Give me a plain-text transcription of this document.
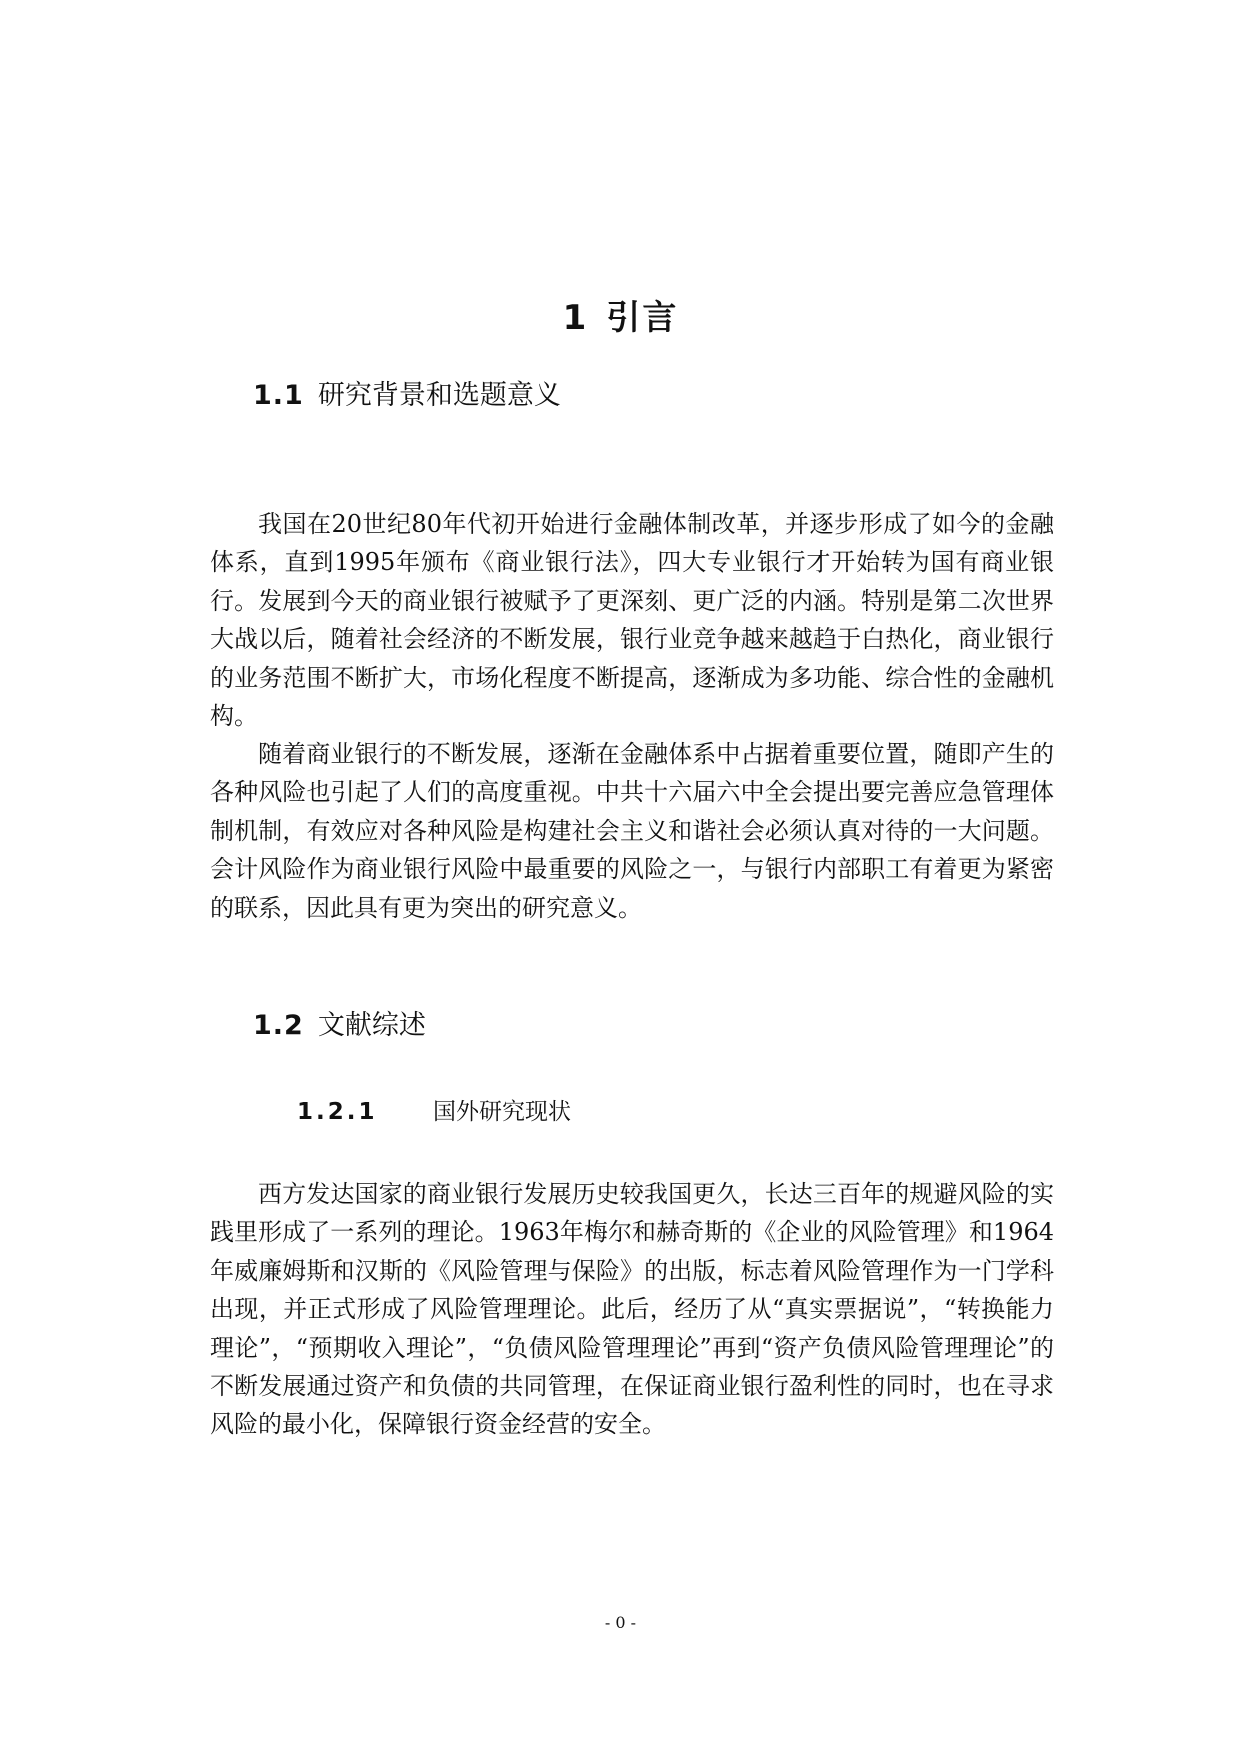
1 引言
1.1 研究背景和选题意义

我国在20世纪80年代初开始进行金融体制改革，并逐步形成了如今的金融体系，直到1995年颁布《商业银行法》，四大专业银行才开始转为国有商业银行。发展到今天的商业银行被赋予了更深刻、更广泛的内涵。特别是第二次世界大战以后，随着社会经济的不断发展，银行业竞争越来越趋于白热化，商业银行的业务范围不断扩大，市场化程度不断提高，逐渐成为多功能、综合性的金融机构。

随着商业银行的不断发展，逐渐在金融体系中占据着重要位置，随即产生的各种风险也引起了人们的高度重视。中共十六届六中全会提出要完善应急管理体制机制，有效应对各种风险是构建社会主义和谐社会必须认真对待的一大问题。会计风险作为商业银行风险中最重要的风险之一，与银行内部职工有着更为紧密的联系，因此具有更为突出的研究意义。

1.2 文献综述
1.2.1 国外研究现状

西方发达国家的商业银行发展历史较我国更久，长达三百年的规避风险的实践里形成了一系列的理论。1963年梅尔和赫奇斯的《企业的风险管理》和1964年威廉姆斯和汉斯的《风险管理与保险》的出版，标志着风险管理作为一门学科出现，并正式形成了风险管理理论。此后，经历了从“真实票据说”，“转换能力理论”，“预期收入理论”，“负债风险管理理论”再到“资产负债风险管理理论”的不断发展通过资产和负债的共同管理，在保证商业银行盈利性的同时，也在寻求风险的最小化，保障银行资金经营的安全。

- 0 -
